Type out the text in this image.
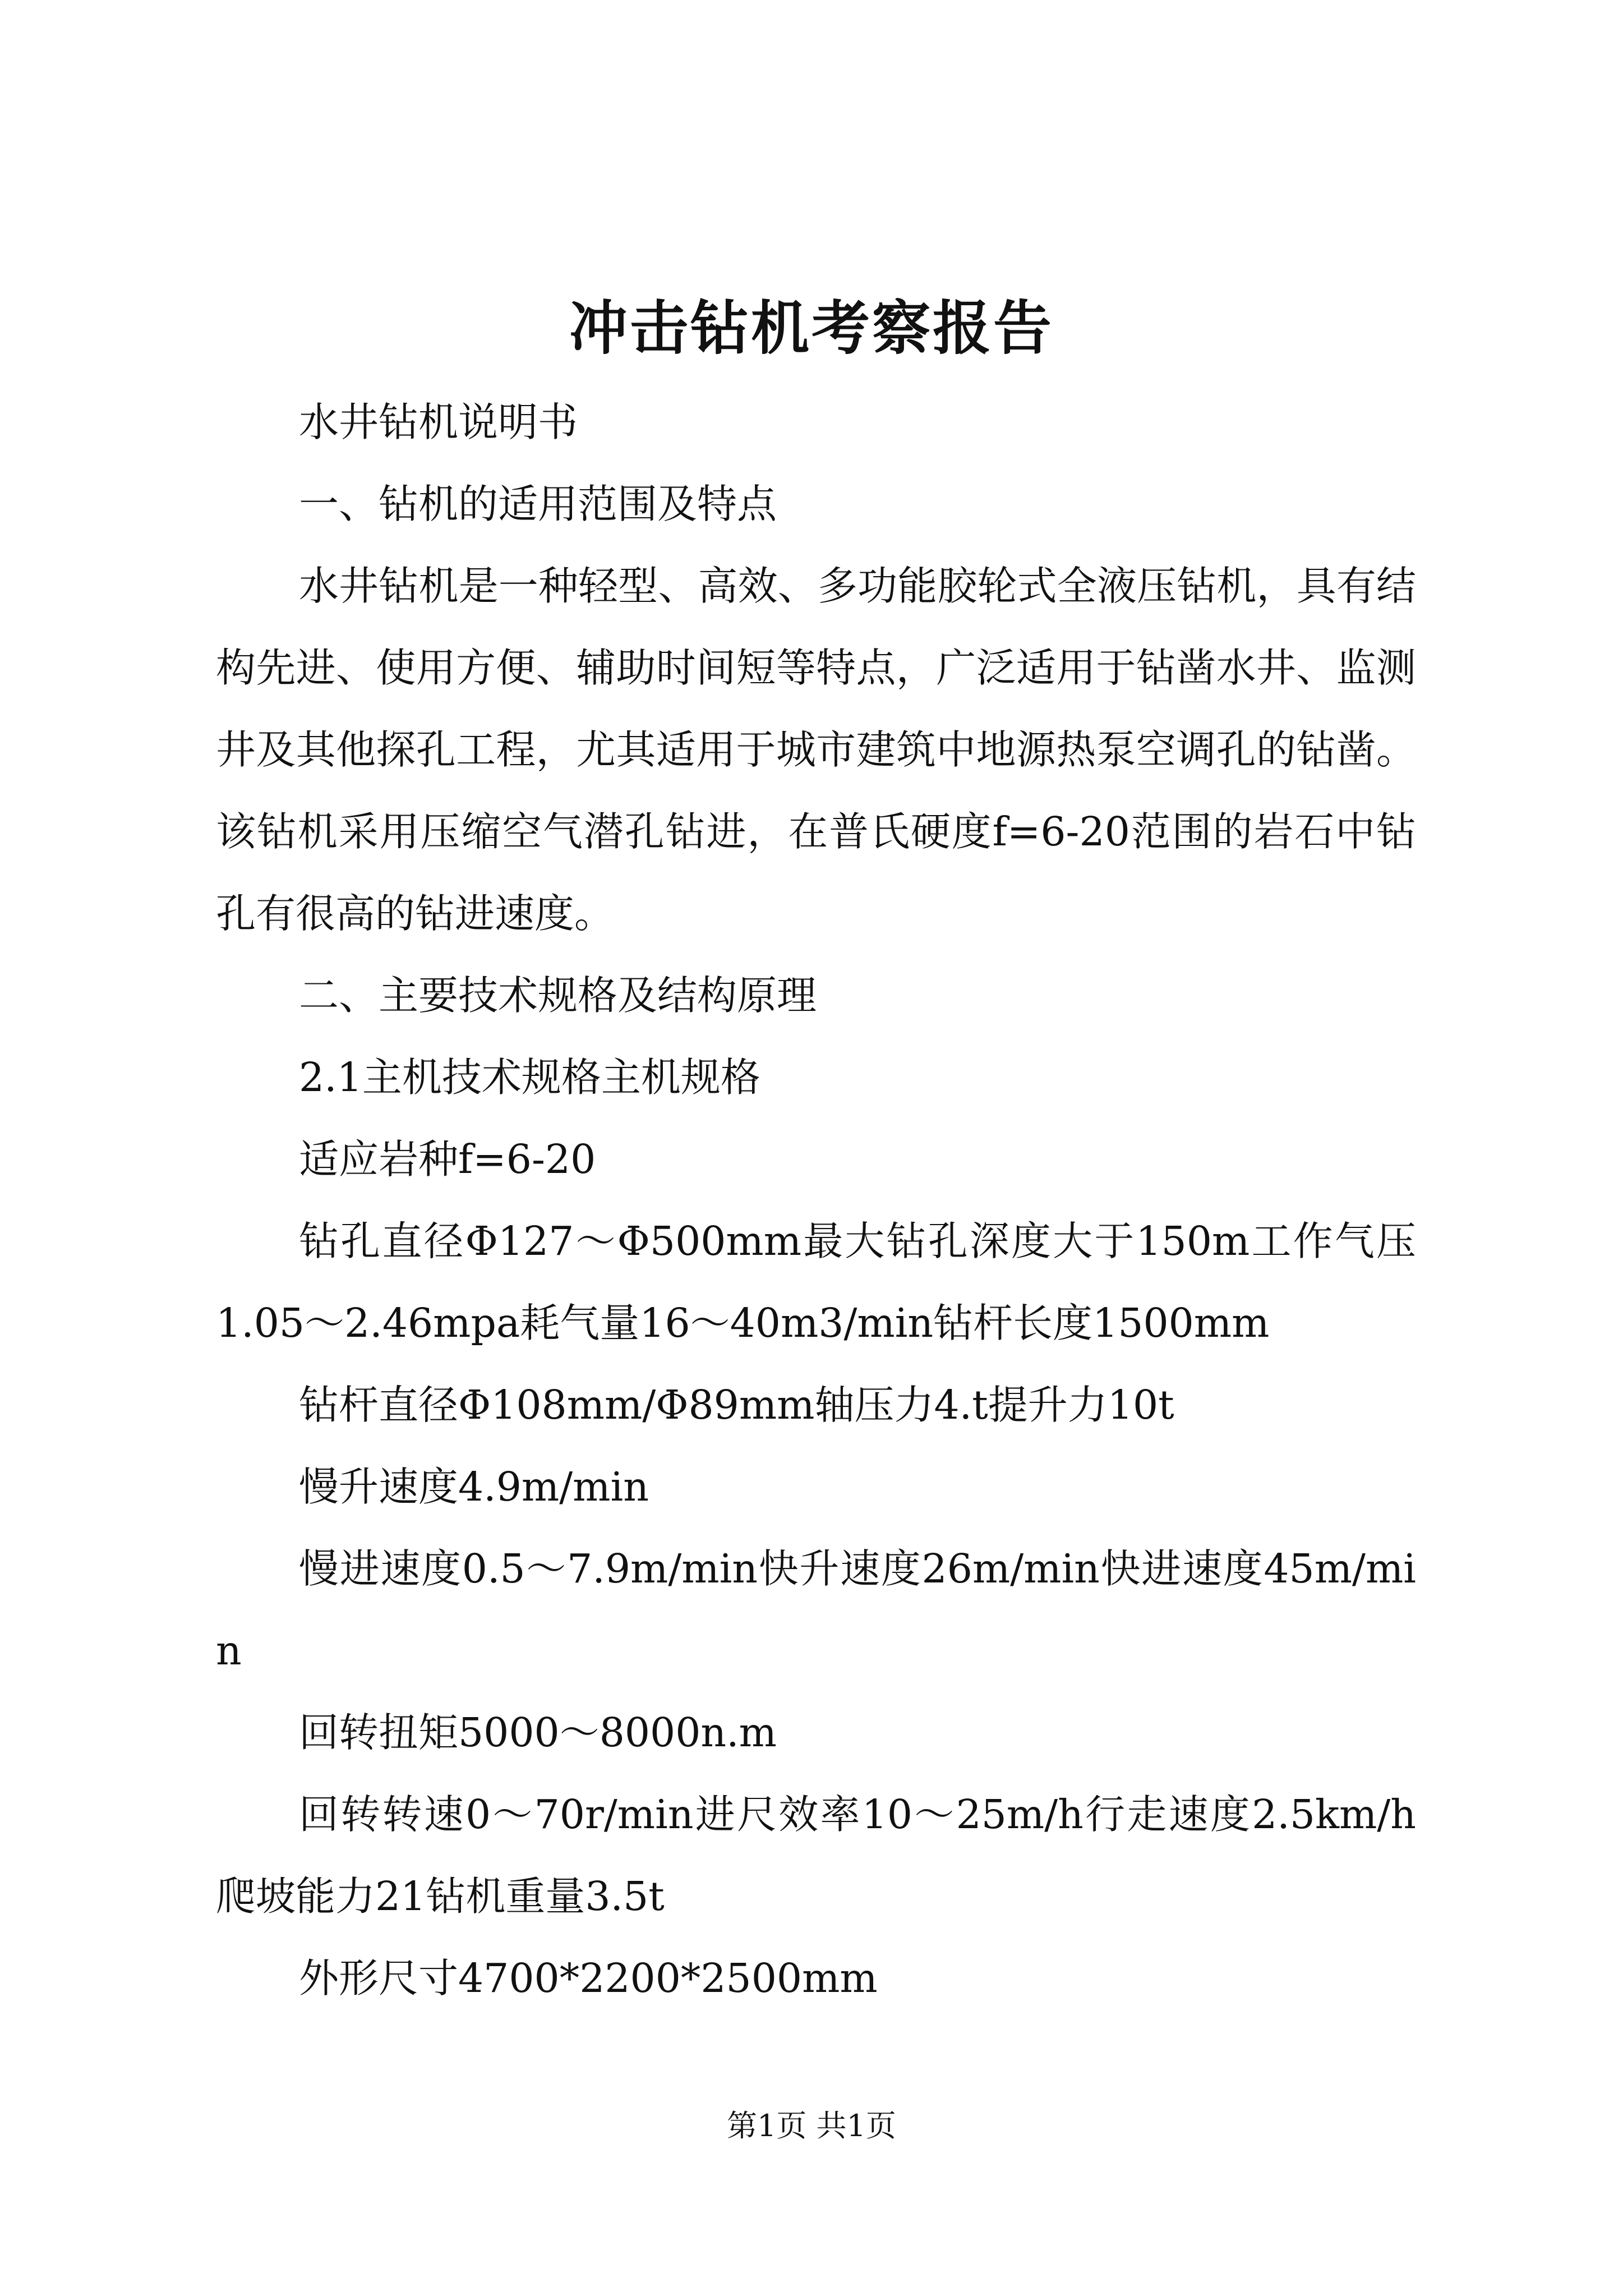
冲击钻机考察报告

水井钻机说明书

一、钻机的适用范围及特点

水井钻机是一种轻型、高效、多功能胶轮式全液压钻机，具有结构先进、使用方便、辅助时间短等特点，广泛适用于钻凿水井、监测井及其他探孔工程，尤其适用于城市建筑中地源热泵空调孔的钻凿。该钻机采用压缩空气潜孔钻进，在普氏硬度f=6-20范围的岩石中钻孔有很高的钻进速度。

二、主要技术规格及结构原理

2.1主机技术规格主机规格

适应岩种f=6-20

钻孔直径Φ127～Φ500mm最大钻孔深度大于150m工作气压1.05～2.46mpa耗气量16～40m3/min钻杆长度1500mm

钻杆直径Φ108mm/Φ89mm轴压力4.t提升力10t

慢升速度4.9m/min

慢进速度0.5～7.9m/min快升速度26m/min快进速度45m/min

回转扭矩5000～8000n.m

回转转速0～70r/min进尺效率10～25m/h行走速度2.5km/h爬坡能力21钻机重量3.5t

外形尺寸4700*2200*2500mm

第1页 共1页
